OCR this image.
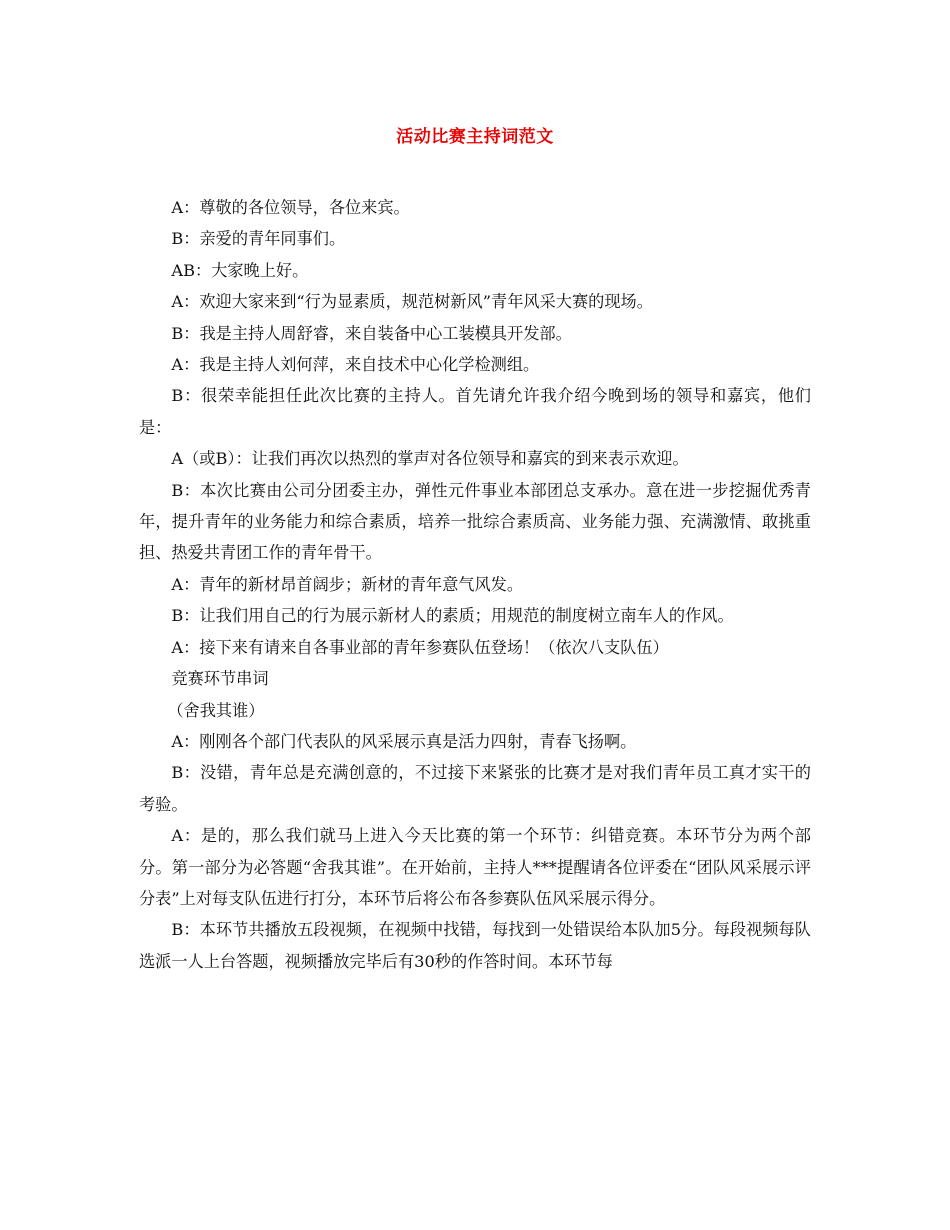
活动比赛主持词范文

A：尊敬的各位领导，各位来宾。

B：亲爱的青年同事们。

AB：大家晚上好。

A：欢迎大家来到“行为显素质，规范树新风”青年风采大赛的现场。

B：我是主持人周舒睿，来自装备中心工装模具开发部。

A：我是主持人刘何萍，来自技术中心化学检测组。

B：很荣幸能担任此次比赛的主持人。首先请允许我介绍今晚到场的领导和嘉宾，他们是：

A（或B）：让我们再次以热烈的掌声对各位领导和嘉宾的到来表示欢迎。

B：本次比赛由公司分团委主办，弹性元件事业本部团总支承办。意在进一步挖掘优秀青年，提升青年的业务能力和综合素质，培养一批综合素质高、业务能力强、充满激情、敢挑重担、热爱共青团工作的青年骨干。

A：青年的新材昂首阔步；新材的青年意气风发。

B：让我们用自己的行为展示新材人的素质；用规范的制度树立南车人的作风。

A：接下来有请来自各事业部的青年参赛队伍登场！（依次八支队伍）

竞赛环节串词

（舍我其谁）

A：刚刚各个部门代表队的风采展示真是活力四射，青春飞扬啊。

B：没错，青年总是充满创意的，不过接下来紧张的比赛才是对我们青年员工真才实干的考验。

A：是的，那么我们就马上进入今天比赛的第一个环节：纠错竞赛。本环节分为两个部分。第一部分为必答题“舍我其谁”。在开始前，主持人***提醒请各位评委在“团队风采展示评分表”上对每支队伍进行打分，本环节后将公布各参赛队伍风采展示得分。

B：本环节共播放五段视频，在视频中找错，每找到一处错误给本队加5分。每段视频每队选派一人上台答题，视频播放完毕后有30秒的作答时间。本环节每
